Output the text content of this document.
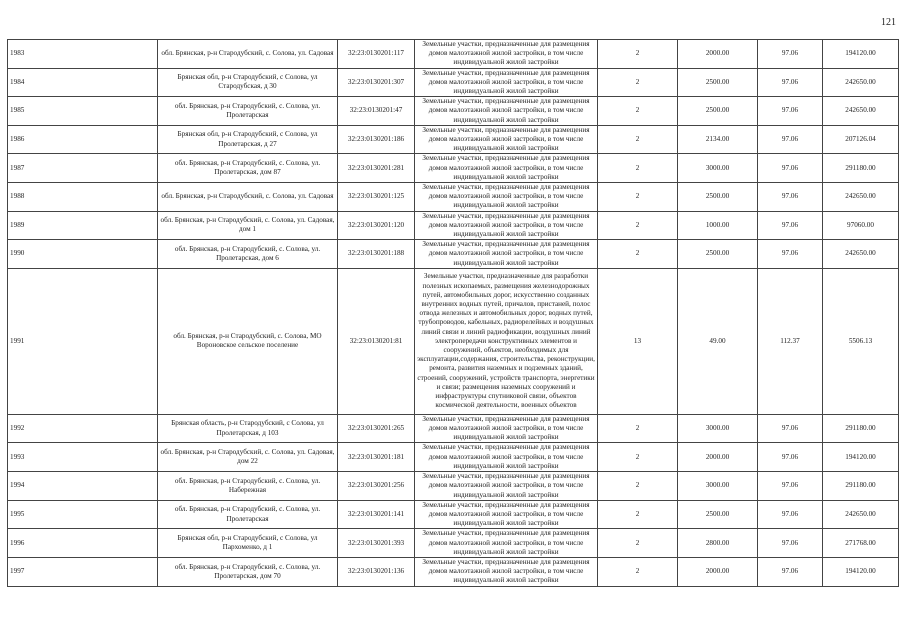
121
1983	обл. Брянская, р-н Стародубский, с. Солова, ул. Садовая	32:23:0130201:117	Земельные участки, предназначенные для размещения домов малоэтажной жилой застройки, в том числе индивидуальной жилой застройки	2	2000.00	97.06	194120.00
1984	Брянская обл, р-н Стародубский, с Солова, ул Стародубская, д 30	32:23:0130201:307	Земельные участки, предназначенные для размещения домов малоэтажной жилой застройки, в том числе индивидуальной жилой застройки	2	2500.00	97.06	242650.00
1985	обл. Брянская, р-н Стародубский, с. Солова, ул. Пролетарская	32:23:0130201:47	Земельные участки, предназначенные для размещения домов малоэтажной жилой застройки, в том числе индивидуальной жилой застройки	2	2500.00	97.06	242650.00
1986	Брянская обл, р-н Стародубский, с Солова, ул Пролетарская, д 27	32:23:0130201:186	Земельные участки, предназначенные для размещения домов малоэтажной жилой застройки, в том числе индивидуальной жилой застройки	2	2134.00	97.06	207126.04
1987	обл. Брянская, р-н Стародубский, с. Солова, ул. Пролетарская, дом 87	32:23:0130201:281	Земельные участки, предназначенные для размещения домов малоэтажной жилой застройки, в том числе индивидуальной жилой застройки	2	3000.00	97.06	291180.00
1988	обл. Брянская, р-н Стародубский, с. Солова, ул. Садовая	32:23:0130201:125	Земельные участки, предназначенные для размещения домов малоэтажной жилой застройки, в том числе индивидуальной жилой застройки	2	2500.00	97.06	242650.00
1989	обл. Брянская, р-н Стародубский, с. Солова, ул. Садовая, дом 1	32:23:0130201:120	Земельные участки, предназначенные для размещения домов малоэтажной жилой застройки, в том числе индивидуальной жилой застройки	2	1000.00	97.06	97060.00
1990	обл. Брянская, р-н Стародубский, с. Солова, ул. Пролетарская, дом 6	32:23:0130201:188	Земельные участки, предназначенные для размещения домов малоэтажной жилой застройки, в том числе индивидуальной жилой застройки	2	2500.00	97.06	242650.00
1991	обл. Брянская, р-н Стародубский, с. Солова, МО Вороновское сельское поселение	32:23:0130201:81	Земельные участки, предназначенные для разработки полезных ископаемых, размещения железнодорожных путей, автомобильных дорог, искусственно созданных внутренних водных путей, причалов, пристаней, полос отвода железных и автомобильных дорог, водных путей, трубопроводов, кабельных, радиорелейных и воздушных линий связи и линий радиофикации, воздушных линий электропередачи конструктивных элементов и сооружений, объектов, необходимых для эксплуатации,содержания, строительства, реконструкции, ремонта, развития наземных и подземных зданий, строений, сооружений, устройств транспорта, энергетики и связи; размещения наземных сооружений и инфраструктуры спутниковой связи, объектов космической деятельности, военных объектов	13	49.00	112.37	5506.13
1992	Брянская область, р-н Стародубский, с Солова, ул Пролетарская, д 103	32:23:0130201:265	Земельные участки, предназначенные для размещения домов малоэтажной жилой застройки, в том числе индивидуальной жилой застройки	2	3000.00	97.06	291180.00
1993	обл. Брянская, р-н Стародубский, с. Солова, ул. Садовая, дом 22	32:23:0130201:181	Земельные участки, предназначенные для размещения домов малоэтажной жилой застройки, в том числе индивидуальной жилой застройки	2	2000.00	97.06	194120.00
1994	обл. Брянская, р-н Стародубский, с. Солова, ул. Набережная	32:23:0130201:256	Земельные участки, предназначенные для размещения домов малоэтажной жилой застройки, в том числе индивидуальной жилой застройки	2	3000.00	97.06	291180.00
1995	обл. Брянская, р-н Стародубский, с. Солова, ул. Пролетарская	32:23:0130201:141	Земельные участки, предназначенные для размещения домов малоэтажной жилой застройки, в том числе индивидуальной жилой застройки	2	2500.00	97.06	242650.00
1996	Брянская обл, р-н Стародубский, с Солова, ул Пархоменко, д 1	32:23:0130201:393	Земельные участки, предназначенные для размещения домов малоэтажной жилой застройки, в том числе индивидуальной жилой застройки	2	2800.00	97.06	271768.00
1997	обл. Брянская, р-н Стародубский, с. Солова, ул. Пролетарская, дом 70	32:23:0130201:136	Земельные участки, предназначенные для размещения домов малоэтажной жилой застройки, в том числе индивидуальной жилой застройки	2	2000.00	97.06	194120.00
